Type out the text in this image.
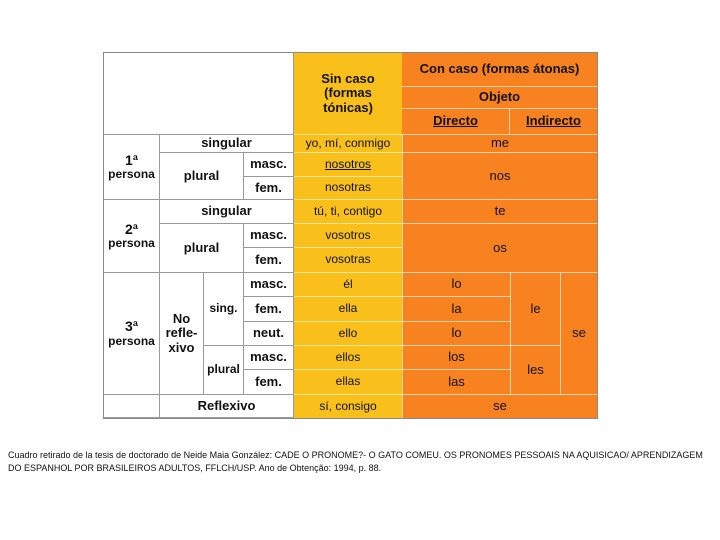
Sin caso
(formas
tónicas)
Con caso (formas átonas)
Objeto
Directo	Indirecto
1ª
persona
2ª
persona
3ª
persona
singular
plural
masc.
fem.
singular
plural
masc.
fem.
No
refle-
xivo
sing.
plural
masc.
fem.
neut.
masc.
fem.
Reflexivo
yo, mí, conmigo
nosotros
nosotras
tú, ti, contigo
vosotros
vosotras
él
ella
ello
ellos
ellas
sí, consigo
me
nos
te
os
lo
la
lo
los
las
le
les
se
se
Cuadro retirado de la tesis de doctorado de Neide Maia González: CADE O PRONOME?- O GATO COMEU. OS PRONOMES PESSOAIS NA AQUISICAO/ APRENDIZAGEM DO ESPANHOL POR BRASILEIROS ADULTOS, FFLCH/USP. Ano de Obtenção: 1994, p. 88.
